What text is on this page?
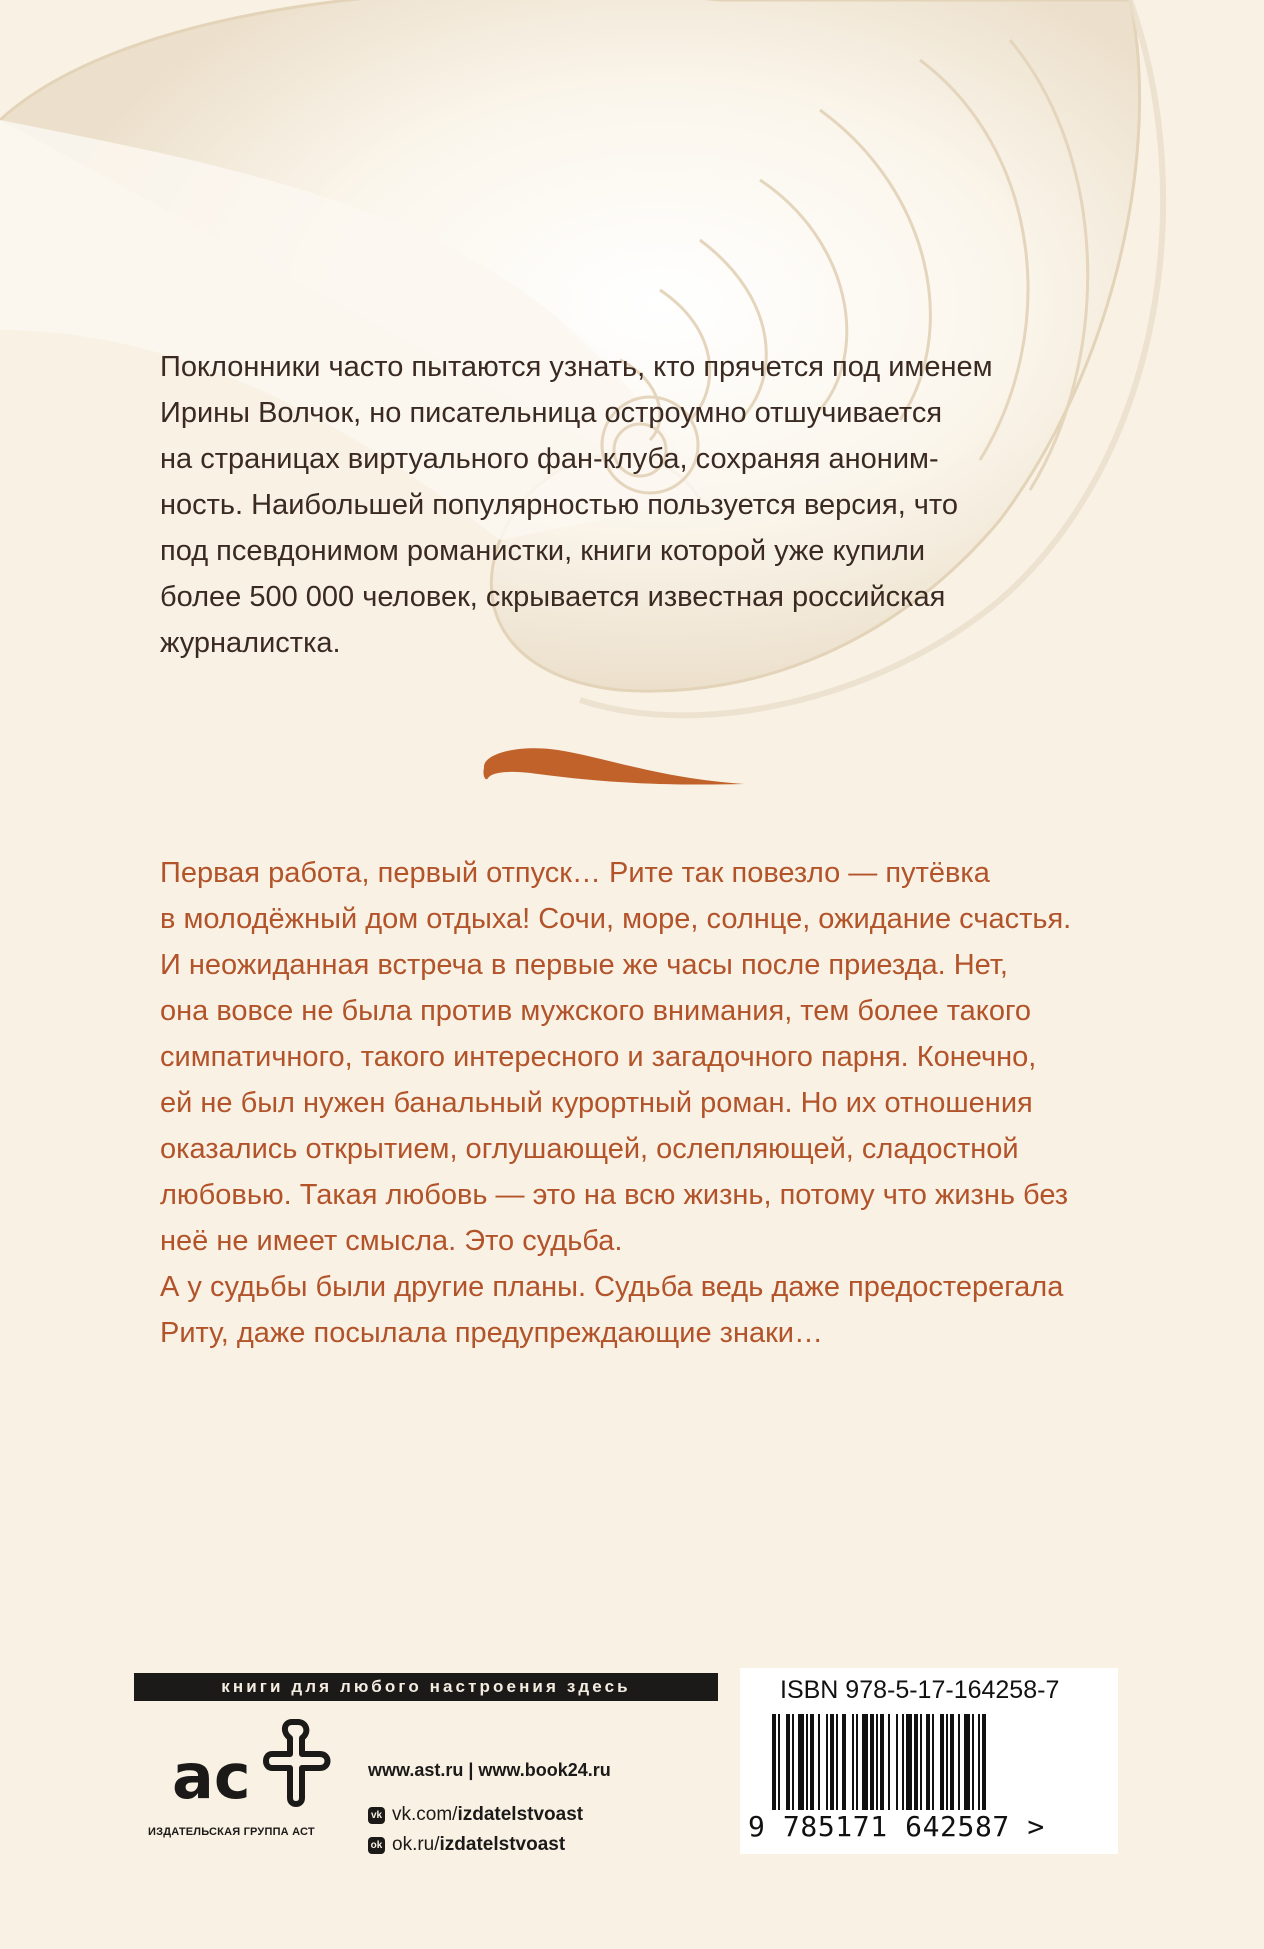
Поклонники часто пытаются узнать, кто прячется под именем

Ирины Волчок, но писательница остроумно отшучивается

на страницах виртуального фан-клуба, сохраняя аноним-

ность. Наибольшей популярностью пользуется версия, что

под псевдонимом романистки, книги которой уже купили

более 500 000 человек, скрывается известная российская

журналистка.

Первая работа, первый отпуск… Рите так повезло — путёвка

в молодёжный дом отдыха! Сочи, море, солнце, ожидание счастья.

И неожиданная встреча в первые же часы после приезда. Нет,

она вовсе не была против мужского внимания, тем более такого

симпатичного, такого интересного и загадочного парня. Конечно,

ей не был нужен банальный курортный роман. Но их отношения

оказались открытием, оглушающей, ослепляющей, сладостной

любовью. Такая любовь — это на всю жизнь, потому что жизнь без

неё не имеет смысла. Это судьба.

А у судьбы были другие планы. Судьба ведь даже предостерегала

Риту, даже посылала предупреждающие знаки…

книги для любого настроения здесь
ac
ИЗДАТЕЛЬСКАЯ ГРУППА АСТ
www.ast.ru | www.book24.ru
vk vk.com/ izdatelstvoast
ok ok.ru/ izdatelstvoast
ISBN 978-5-17-164258-7
9 785171 642587 >
